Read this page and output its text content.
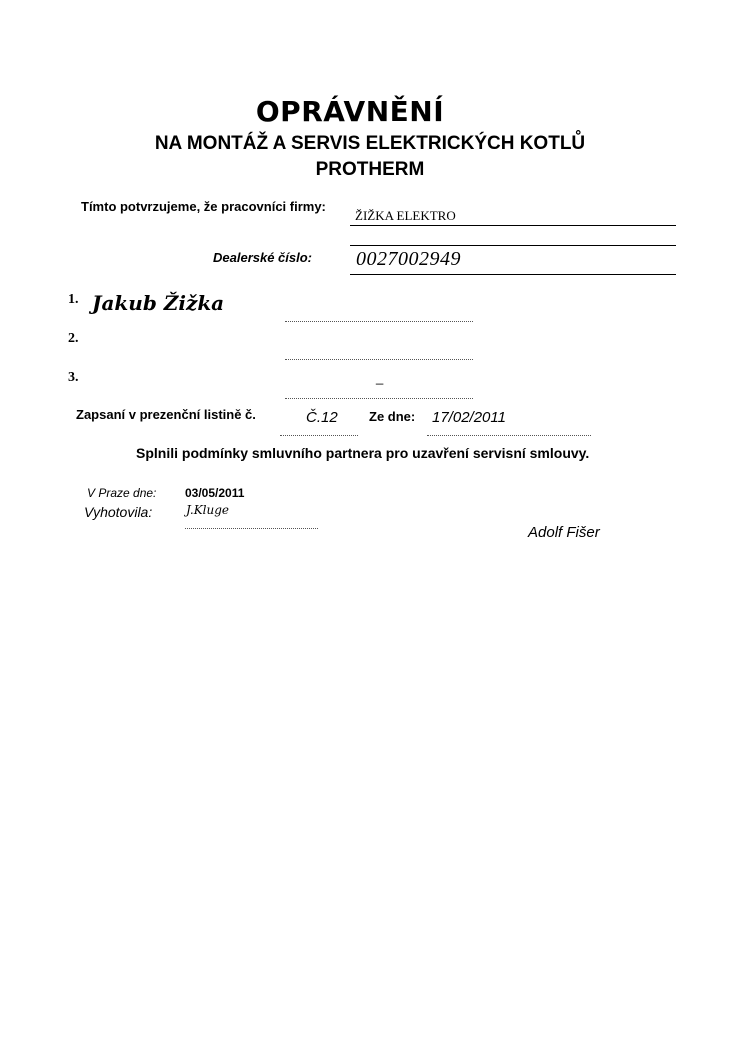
OPRÁVNĚNÍ
NA MONTÁŽ A SERVIS ELEKTRICKÝCH KOTLŮ
PROTHERM
Tímto potvrzujeme, že pracovníci firmy:
ŽIŽKA ELEKTRO
Dealerské číslo: 0027002949
1. Jakub Žižka
2.
3.	_
Zapsaní v prezenční listině č.	Č.12 Ze dne: 17/02/2011
Splnili podmínky smluvního partnera pro uzavření servisní smlouvy.
V Praze dne: 03/05/2011
Vyhotovila:	J.Kluge
Adolf Fišer
